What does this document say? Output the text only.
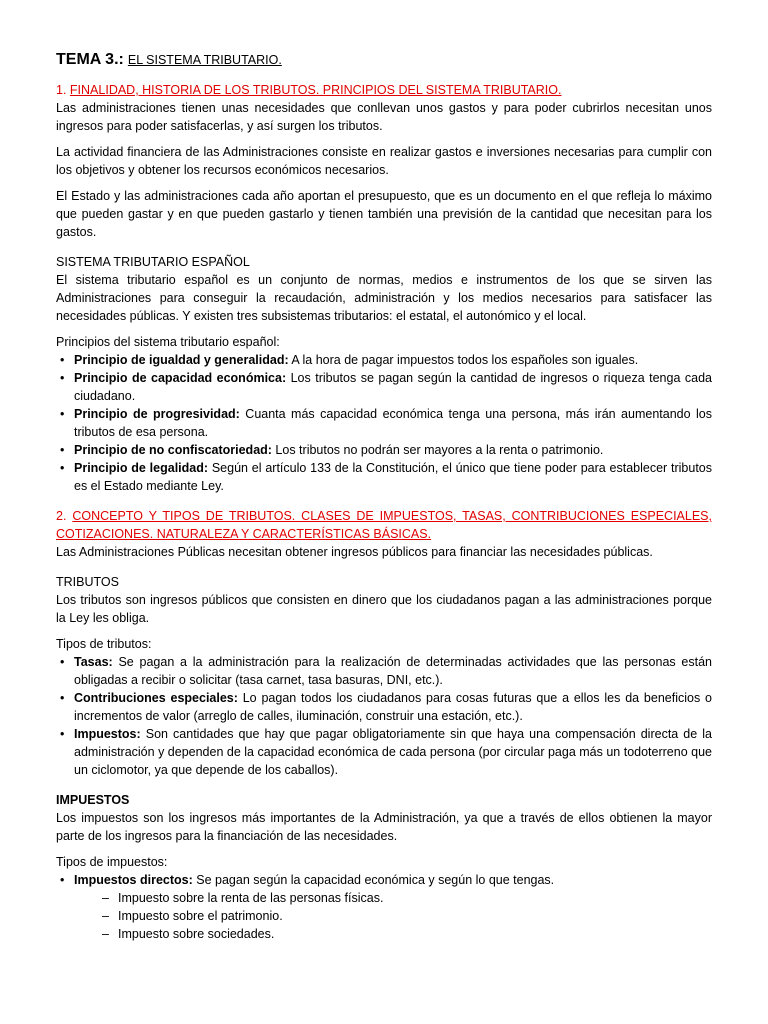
TEMA 3.: EL SISTEMA TRIBUTARIO.
1. FINALIDAD, HISTORIA DE LOS TRIBUTOS. PRINCIPIOS DEL SISTEMA TRIBUTARIO.

Las administraciones tienen unas necesidades que conllevan unos gastos y para poder cubrirlos necesitan unos ingresos para poder satisfacerlas, y así surgen los tributos.

La actividad financiera de las Administraciones consiste en realizar gastos e inversiones necesarias para cumplir con los objetivos y obtener los recursos económicos necesarios.

El Estado y las administraciones cada año aportan el presupuesto, que es un documento en el que refleja lo máximo que pueden gastar y en que pueden gastarlo y tienen también una previsión de la cantidad que necesitan para los gastos.

SISTEMA TRIBUTARIO ESPAÑOL

El sistema tributario español es un conjunto de normas, medios e instrumentos de los que se sirven las Administraciones para conseguir la recaudación, administración y los medios necesarios para satisfacer las necesidades públicas. Y existen tres subsistemas tributarios: el estatal, el autonómico y el local.

Principios del sistema tributario español:
• Principio de igualdad y generalidad: A la hora de pagar impuestos todos los españoles son iguales.
• Principio de capacidad económica: Los tributos se pagan según la cantidad de ingresos o riqueza tenga cada ciudadano.
• Principio de progresividad: Cuanta más capacidad económica tenga una persona, más irán aumentando los tributos de esa persona.
• Principio de no confiscatoriedad: Los tributos no podrán ser mayores a la renta o patrimonio.
• Principio de legalidad: Según el artículo 133 de la Constitución, el único que tiene poder para establecer tributos es el Estado mediante Ley.
2. CONCEPTO Y TIPOS DE TRIBUTOS. CLASES DE IMPUESTOS, TASAS, CONTRIBUCIONES ESPECIALES, COTIZACIONES. NATURALEZA Y CARACTERÍSTICAS BÁSICAS.

Las Administraciones Públicas necesitan obtener ingresos públicos para financiar las necesidades públicas.

TRIBUTOS

Los tributos son ingresos públicos que consisten en dinero que los ciudadanos pagan a las administraciones porque la Ley les obliga.

Tipos de tributos:
• Tasas: Se pagan a la administración para la realización de determinadas actividades que las personas están obligadas a recibir o solicitar (tasa carnet, tasa basuras, DNI, etc.).
• Contribuciones especiales: Lo pagan todos los ciudadanos para cosas futuras que a ellos les da beneficios o incrementos de valor (arreglo de calles, iluminación, construir una estación, etc.).
• Impuestos: Son cantidades que hay que pagar obligatoriamente sin que haya una compensación directa de la administración y dependen de la capacidad económica de cada persona (por circular paga más un todoterreno que un ciclomotor, ya que depende de los caballos).
IMPUESTOS

Los impuestos son los ingresos más importantes de la Administración, ya que a través de ellos obtienen la mayor parte de los ingresos para la financiación de las necesidades.

Tipos de impuestos:
• Impuestos directos: Se pagan según la capacidad económica y según lo que tengas.
– Impuesto sobre la renta de las personas físicas.
– Impuesto sobre el patrimonio.
– Impuesto sobre sociedades.
